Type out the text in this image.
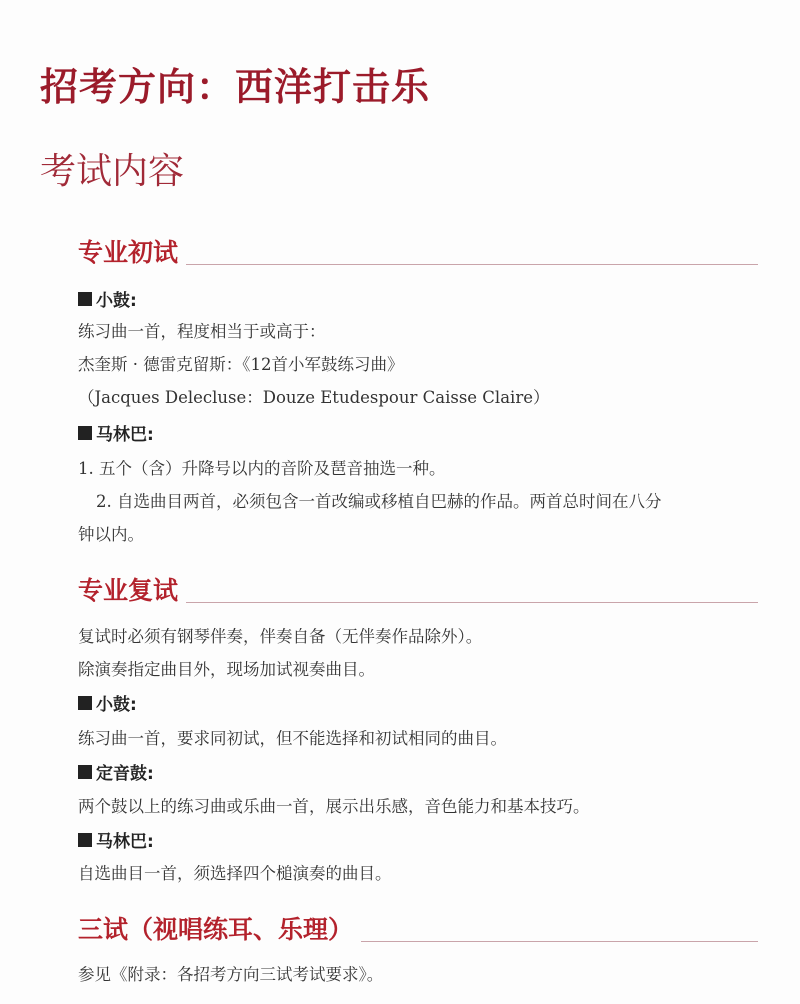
招考方向：西洋打击乐
考试内容
专业初试
小鼓:
练习曲一首，程度相当于或高于：
杰奎斯 · 德雷克留斯：《12首小军鼓练习曲》
（Jacques Delecluse：Douze Etudespour Caisse Claire）
马林巴:
1. 五个（含）升降号以内的音阶及琶音抽选一种。
2. 自选曲目两首，必须包含一首改编或移植自巴赫的作品。两首总时间在八分
钟以内。
专业复试
复试时必须有钢琴伴奏，伴奏自备（无伴奏作品除外）。
除演奏指定曲目外，现场加试视奏曲目。
小鼓:
练习曲一首，要求同初试，但不能选择和初试相同的曲目。
定音鼓:
两个鼓以上的练习曲或乐曲一首，展示出乐感，音色能力和基本技巧。
马林巴:
自选曲目一首，须选择四个槌演奏的曲目。
三试（视唱练耳、乐理）
参见《附录：各招考方向三试考试要求》。
